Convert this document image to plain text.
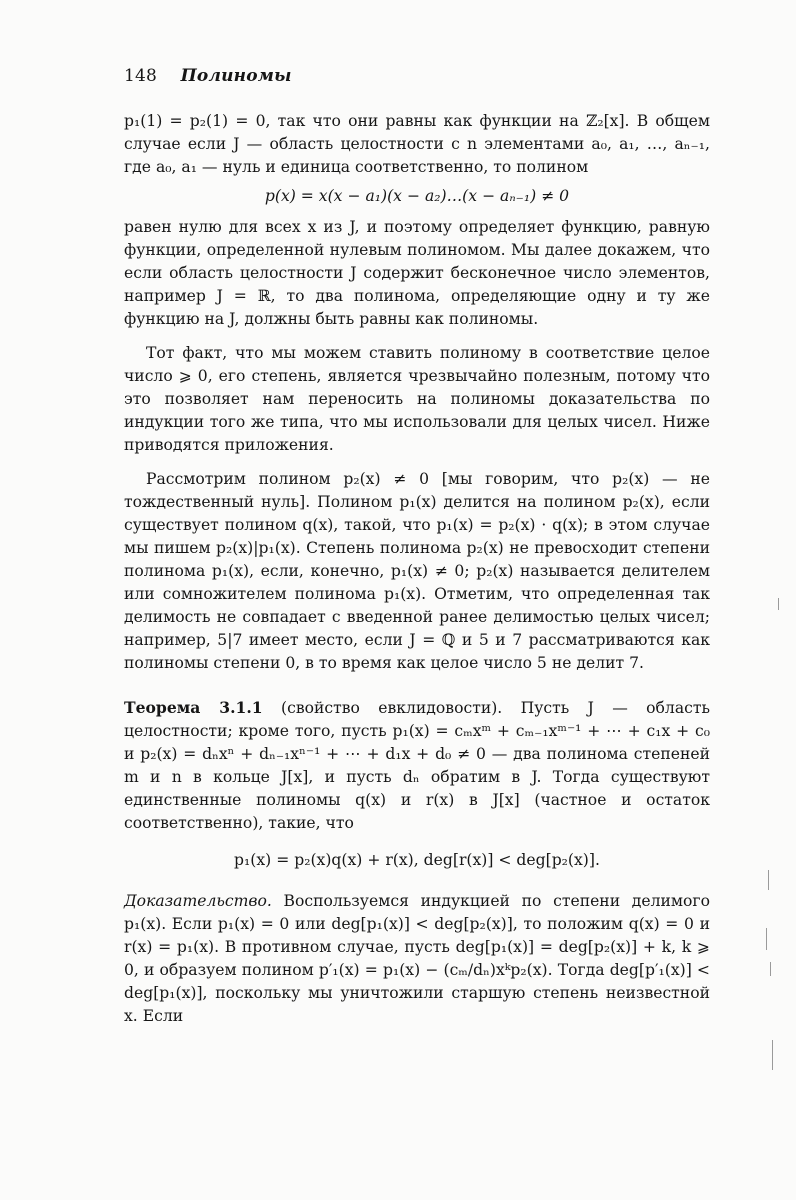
148 Полиномы

p₁(1) = p₂(1) = 0, так что они равны как функции на ℤ₂[x]. В общем случае если J — область целостности с n элементами a₀, a₁, …, aₙ₋₁, где a₀, a₁ — нуль и единица соответственно, то полином

p(x) = x(x − a₁)(x − a₂)…(x − aₙ₋₁) ≠ 0

равен нулю для всех x из J, и поэтому определяет функцию, равную функции, определенной нулевым полиномом. Мы далее докажем, что если область целостности J содержит бесконечное число элементов, например J = ℝ, то два полинома, определяющие одну и ту же функцию на J, должны быть равны как полиномы.

Тот факт, что мы можем ставить полиному в соответствие целое число ⩾ 0, его степень, является чрезвычайно полезным, потому что это позволяет нам переносить на полиномы доказательства по индукции того же типа, что мы использовали для целых чисел. Ниже приводятся приложения.

Рассмотрим полином p₂(x) ≠ 0 [мы говорим, что p₂(x) — не тождественный нуль]. Полином p₁(x) делится на полином p₂(x), если существует полином q(x), такой, что p₁(x) = p₂(x) · q(x); в этом случае мы пишем p₂(x)|p₁(x). Степень полинома p₂(x) не превосходит степени полинома p₁(x), если, конечно, p₁(x) ≠ 0; p₂(x) называется делителем или сомножителем полинома p₁(x). Отметим, что определенная так делимость не совпадает с введенной ранее делимостью целых чисел; например, 5|7 имеет место, если J = ℚ и 5 и 7 рассматриваются как полиномы степени 0, в то время как целое число 5 не делит 7.

Теорема 3.1.1 (свойство евклидовости). Пусть J — область целостности; кроме того, пусть p₁(x) = cₘxᵐ + cₘ₋₁xᵐ⁻¹ + ⋯ + c₁x + c₀ и p₂(x) = dₙxⁿ + dₙ₋₁xⁿ⁻¹ + ⋯ + d₁x + d₀ ≠ 0 — два полинома степеней m и n в кольце J[x], и пусть dₙ обратим в J. Тогда существуют единственные полиномы q(x) и r(x) в J[x] (частное и остаток соответственно), такие, что

p₁(x) = p₂(x)q(x) + r(x), deg[r(x)] < deg[p₂(x)].

Доказательство. Воспользуемся индукцией по степени делимого p₁(x). Если p₁(x) = 0 или deg[p₁(x)] < deg[p₂(x)], то положим q(x) = 0 и r(x) = p₁(x). В противном случае, пусть deg[p₁(x)] = deg[p₂(x)] + k, k ⩾ 0, и образуем полином p′₁(x) = p₁(x) − (cₘ/dₙ)xᵏp₂(x). Тогда deg[p′₁(x)] < deg[p₁(x)], поскольку мы уничтожили старшую степень неизвестной x. Если
